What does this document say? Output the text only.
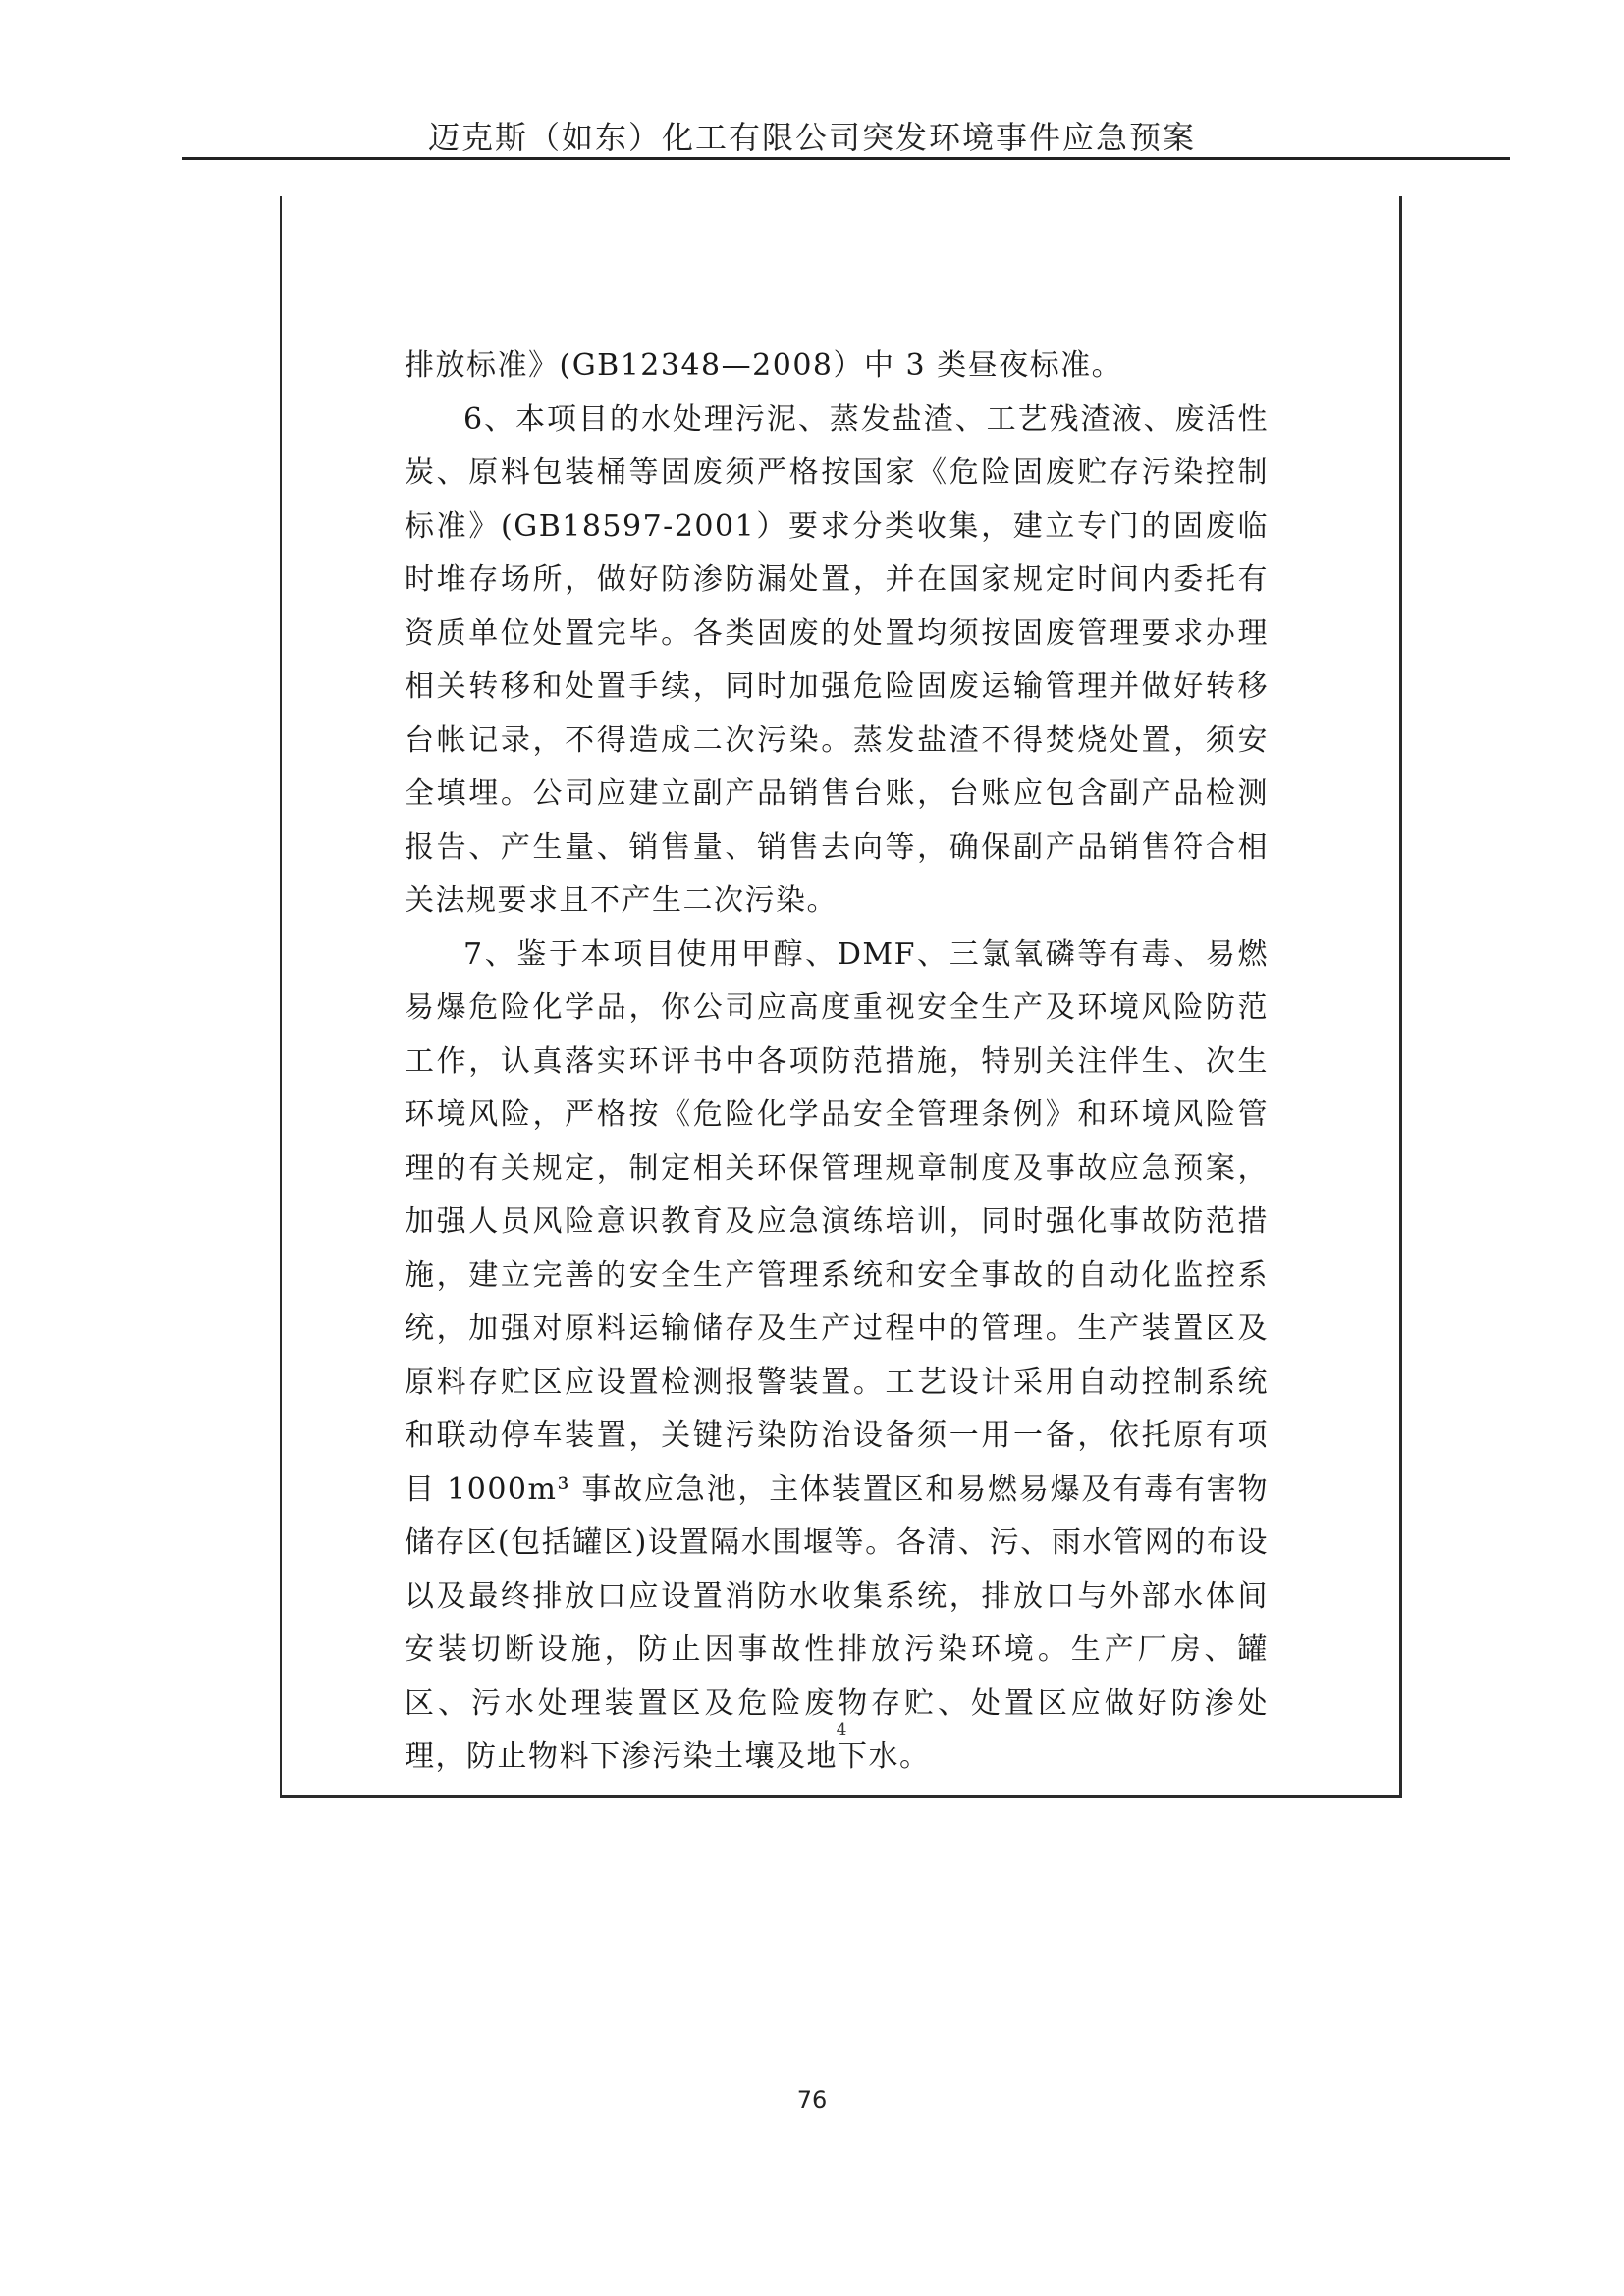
迈克斯（如东）化工有限公司突发环境事件应急预案

排放标准》(GB12348—2008）中 3 类昼夜标准。

6、本项目的水处理污泥、蒸发盐渣、工艺残渣液、废活性炭、原料包装桶等固废须严格按国家《危险固废贮存污染控制标准》(GB18597-2001）要求分类收集，建立专门的固废临时堆存场所，做好防渗防漏处置，并在国家规定时间内委托有资质单位处置完毕。各类固废的处置均须按固废管理要求办理相关转移和处置手续，同时加强危险固废运输管理并做好转移台帐记录，不得造成二次污染。蒸发盐渣不得焚烧处置，须安全填埋。公司应建立副产品销售台账，台账应包含副产品检测报告、产生量、销售量、销售去向等，确保副产品销售符合相关法规要求且不产生二次污染。

7、鉴于本项目使用甲醇、DMF、三氯氧磷等有毒、易燃易爆危险化学品，你公司应高度重视安全生产及环境风险防范工作，认真落实环评书中各项防范措施，特别关注伴生、次生环境风险，严格按《危险化学品安全管理条例》和环境风险管理的有关规定，制定相关环保管理规章制度及事故应急预案，加强人员风险意识教育及应急演练培训，同时强化事故防范措施，建立完善的安全生产管理系统和安全事故的自动化监控系统，加强对原料运输储存及生产过程中的管理。生产装置区及原料存贮区应设置检测报警装置。工艺设计采用自动控制系统和联动停车装置，关键污染防治设备须一用一备，依托原有项目 1000m³ 事故应急池，主体装置区和易燃易爆及有毒有害物储存区(包括罐区)设置隔水围堰等。各清、污、雨水管网的布设以及最终排放口应设置消防水收集系统，排放口与外部水体间安装切断设施，防止因事故性排放污染环境。生产厂房、罐区、污水处理装置区及危险废物存贮、处置区应做好防渗处理，防止物料下渗污染土壤及地下水。

4
76
